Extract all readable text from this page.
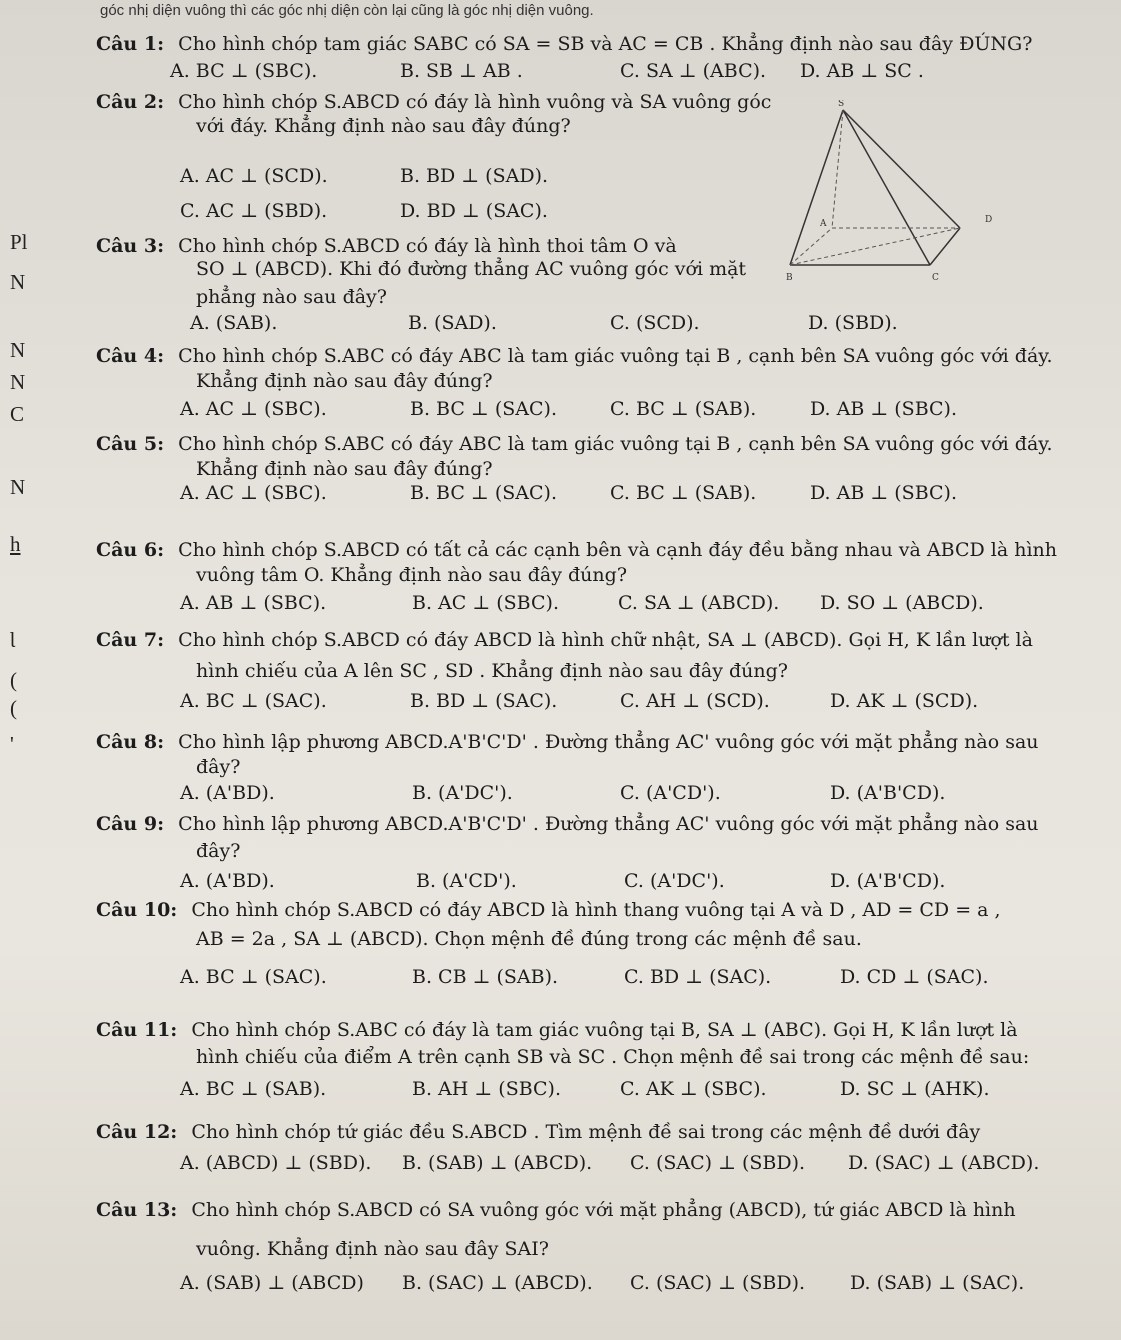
góc nhị diện vuông thì các góc nhị diện còn lại cũng là góc nhị diện vuông.
Pl
N
N
N
C
N
h
Ɩ
(
(
'
S
A	D
B	C
Câu 1: Cho hình chóp tam giác SABC có SA = SB và AC = CB . Khẳng định nào sau đây ĐÚNG?
A. BC ⊥ (SBC).	B. SB ⊥ AB .	C. SA ⊥ (ABC). D. AB ⊥ SC .
Câu 2: Cho hình chóp S.ABCD có đáy là hình vuông và SA vuông góc
với đáy. Khẳng định nào sau đây đúng?
A. AC ⊥ (SCD).	B. BD ⊥ (SAD).
C. AC ⊥ (SBD).	D. BD ⊥ (SAC).
Câu 3: Cho hình chóp S.ABCD có đáy là hình thoi tâm O và
SO ⊥ (ABCD). Khi đó đường thẳng AC vuông góc với mặt
phẳng nào sau đây?
A. (SAB).	B. (SAD).	C. (SCD).	D. (SBD).
Câu 4: Cho hình chóp S.ABC có đáy ABC là tam giác vuông tại B , cạnh bên SA vuông góc với đáy.
Khẳng định nào sau đây đúng?
A. AC ⊥ (SBC).	B. BC ⊥ (SAC).	C. BC ⊥ (SAB).	D. AB ⊥ (SBC).
Câu 5: Cho hình chóp S.ABC có đáy ABC là tam giác vuông tại B , cạnh bên SA vuông góc với đáy.
Khẳng định nào sau đây đúng?
A. AC ⊥ (SBC).	B. BC ⊥ (SAC).	C. BC ⊥ (SAB).	D. AB ⊥ (SBC).
Câu 6: Cho hình chóp S.ABCD có tất cả các cạnh bên và cạnh đáy đều bằng nhau và ABCD là hình
vuông tâm O. Khẳng định nào sau đây đúng?
A. AB ⊥ (SBC).	B. AC ⊥ (SBC).	C. SA ⊥ (ABCD). D. SO ⊥ (ABCD).
Câu 7: Cho hình chóp S.ABCD có đáy ABCD là hình chữ nhật, SA ⊥ (ABCD). Gọi H, K lần lượt là
hình chiếu của A lên SC , SD . Khẳng định nào sau đây đúng?
A. BC ⊥ (SAC).	B. BD ⊥ (SAC).	C. AH ⊥ (SCD).	D. AK ⊥ (SCD).
Câu 8: Cho hình lập phương ABCD.A'B'C'D' . Đường thẳng AC' vuông góc với mặt phẳng nào sau
đây?
A. (A'BD).	B. (A'DC').	C. (A'CD').	D. (A'B'CD).
Câu 9: Cho hình lập phương ABCD.A'B'C'D' . Đường thẳng AC' vuông góc với mặt phẳng nào sau
đây?
A. (A'BD).	B. (A'CD').	C. (A'DC').	D. (A'B'CD).
Câu 10: Cho hình chóp S.ABCD có đáy ABCD là hình thang vuông tại A và D , AD = CD = a ,
AB = 2a , SA ⊥ (ABCD). Chọn mệnh đề đúng trong các mệnh đề sau.
A. BC ⊥ (SAC).	B. CB ⊥ (SAB).	C. BD ⊥ (SAC).	D. CD ⊥ (SAC).
Câu 11: Cho hình chóp S.ABC có đáy là tam giác vuông tại B, SA ⊥ (ABC). Gọi H, K lần lượt là
hình chiếu của điểm A trên cạnh SB và SC . Chọn mệnh đề sai trong các mệnh đề sau:
A. BC ⊥ (SAB).	B. AH ⊥ (SBC).	C. AK ⊥ (SBC).	D. SC ⊥ (AHK).
Câu 12: Cho hình chóp tứ giác đều S.ABCD . Tìm mệnh đề sai trong các mệnh đề dưới đây
A. (ABCD) ⊥ (SBD). B. (SAB) ⊥ (ABCD). C. (SAC) ⊥ (SBD). D. (SAC) ⊥ (ABCD).
Câu 13: Cho hình chóp S.ABCD có SA vuông góc với mặt phẳng (ABCD), tứ giác ABCD là hình
vuông. Khẳng định nào sau đây SAI?
A. (SAB) ⊥ (ABCD) B. (SAC) ⊥ (ABCD). C. (SAC) ⊥ (SBD). D. (SAB) ⊥ (SAC).
